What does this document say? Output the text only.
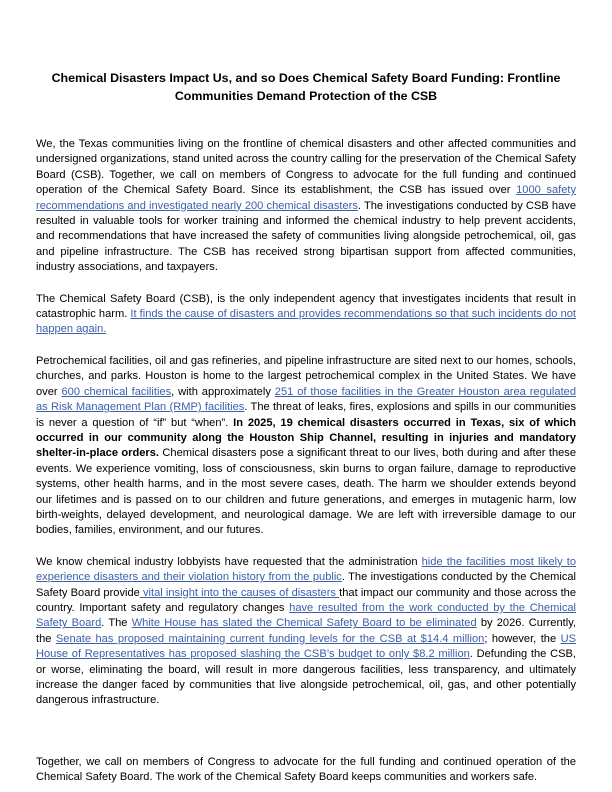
Chemical Disasters Impact Us, and so Does Chemical Safety Board Funding: Frontline Communities Demand Protection of the CSB

We, the Texas communities living on the frontline of chemical disasters and other affected communities and undersigned organizations, stand united across the country calling for the preservation of the Chemical Safety Board (CSB). Together, we call on members of Congress to advocate for the full funding and continued operation of the Chemical Safety Board. Since its establishment, the CSB has issued over 1000 safety recommendations and investigated nearly 200 chemical disasters. The investigations conducted by CSB have resulted in valuable tools for worker training and informed the chemical industry to help prevent accidents, and recommendations that have increased the safety of communities living alongside petrochemical, oil, gas and pipeline infrastructure. The CSB has received strong bipartisan support from affected communities, industry associations, and taxpayers.

The Chemical Safety Board (CSB), is the only independent agency that investigates incidents that result in catastrophic harm. It finds the cause of disasters and provides recommendations so that such incidents do not happen again.

Petrochemical facilities, oil and gas refineries, and pipeline infrastructure are sited next to our homes, schools, churches, and parks. Houston is home to the largest petrochemical complex in the United States. We have over 600 chemical facilities, with approximately 251 of those facilities in the Greater Houston area regulated as Risk Management Plan (RMP) facilities. The threat of leaks, fires, explosions and spills in our communities is never a question of “if” but “when”. In 2025, 19 chemical disasters occurred in Texas, six of which occurred in our community along the Houston Ship Channel, resulting in injuries and mandatory shelter-in-place orders. Chemical disasters pose a significant threat to our lives, both during and after these events. We experience vomiting, loss of consciousness, skin burns to organ failure, damage to reproductive systems, other health harms, and in the most severe cases, death. The harm we shoulder extends beyond our lifetimes and is passed on to our children and future generations, and emerges in mutagenic harm, low birth-weights, delayed development, and neurological damage. We are left with irreversible damage to our bodies, families, environment, and our futures.

We know chemical industry lobbyists have requested that the administration hide the facilities most likely to experience disasters and their violation history from the public. The investigations conducted by the Chemical Safety Board provide vital insight into the causes of disasters that impact our community and those across the country. Important safety and regulatory changes have resulted from the work conducted by the Chemical Safety Board. The White House has slated the Chemical Safety Board to be eliminated by 2026. Currently, the Senate has proposed maintaining current funding levels for the CSB at $14.4 million; however, the US House of Representatives has proposed slashing the CSB’s budget to only $8.2 million. Defunding the CSB, or worse, eliminating the board, will result in more dangerous facilities, less transparency, and ultimately increase the danger faced by communities that live alongside petrochemical, oil, gas, and other potentially dangerous infrastructure.

Together, we call on members of Congress to advocate for the full funding and continued operation of the Chemical Safety Board. The work of the Chemical Safety Board keeps communities and workers safe.
